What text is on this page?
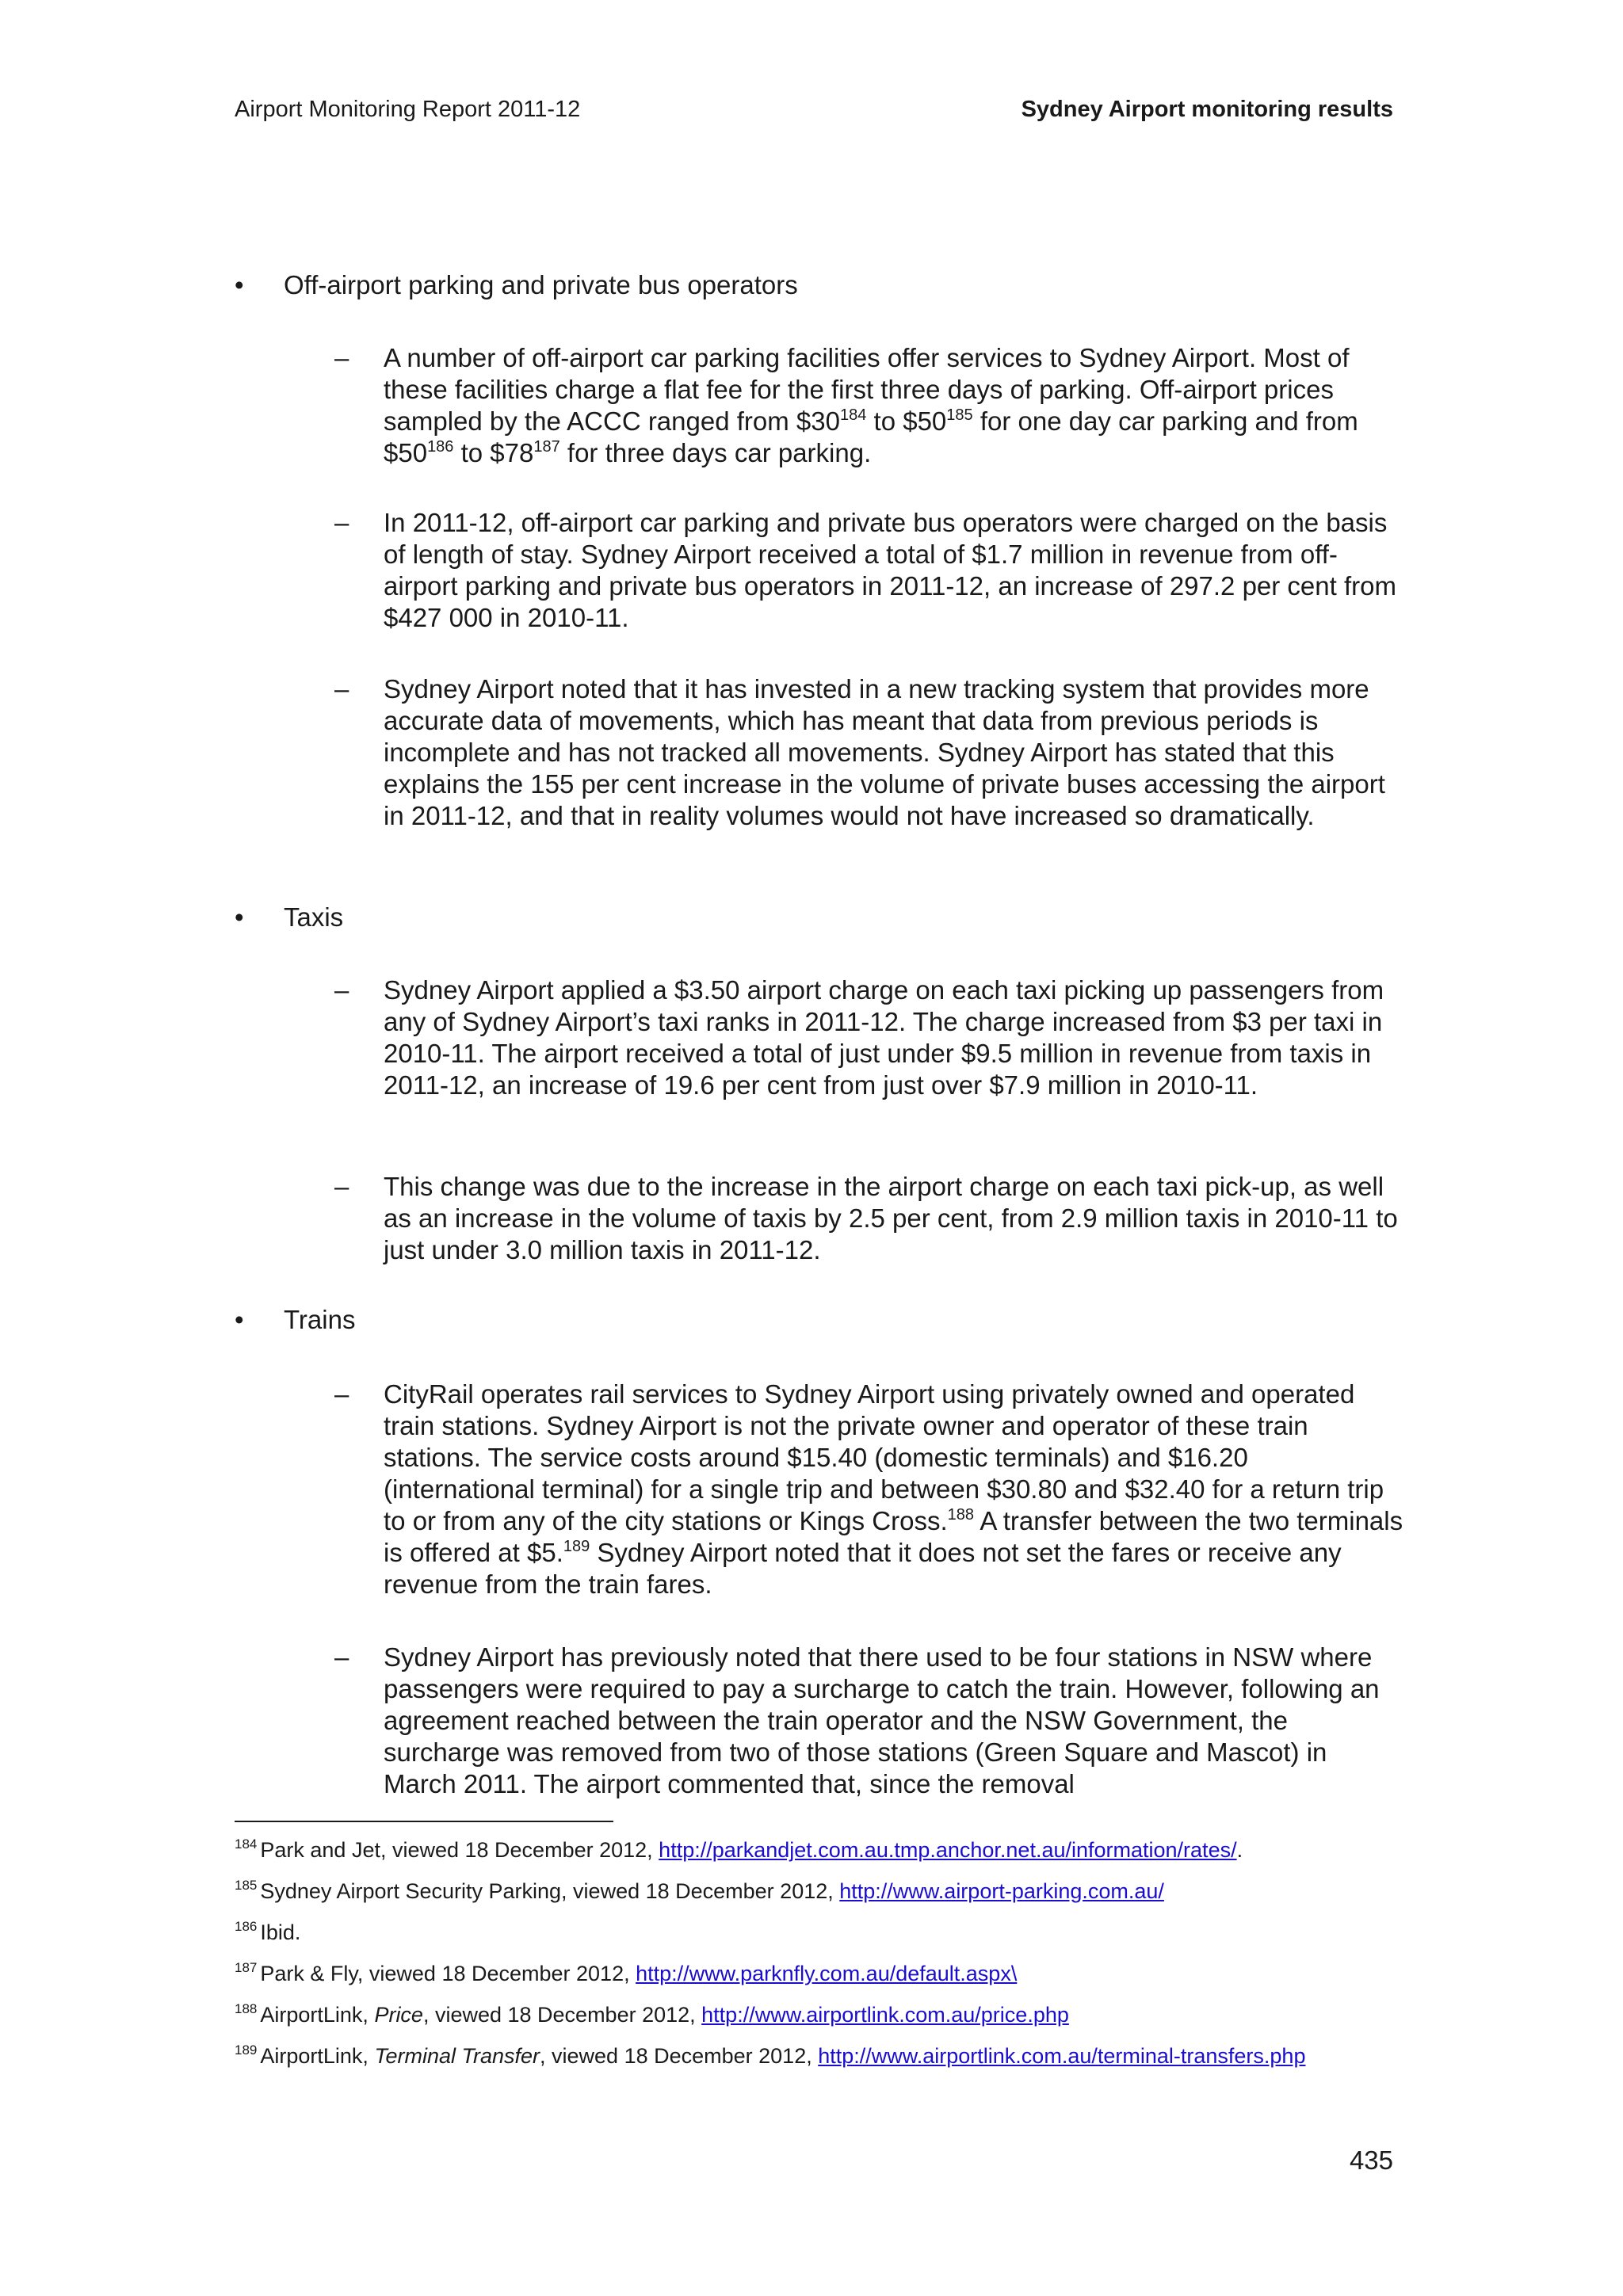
Airport Monitoring Report 2011-12	Sydney Airport monitoring results
•	Off-airport parking and private bus operators
– A number of off-airport car parking facilities offer services to Sydney Airport. Most of these facilities charge a flat fee for the first three days of parking. Off-airport prices sampled by the ACCC ranged from $\$30^{184}$ to $\$50^{185}$ for one day car parking and from $\$50^{186}$ to $\$78^{187}$ for three days car parking.

– In 2011-12, off-airport car parking and private bus operators were charged on the basis of length of stay. Sydney Airport received a total of $1.7 million in revenue from off-airport parking and private bus operators in 2011-12, an increase of 297.2 per cent from $427 000 in 2010-11.

– Sydney Airport noted that it has invested in a new tracking system that provides more accurate data of movements, which has meant that data from previous periods is incomplete and has not tracked all movements. Sydney Airport has stated that this explains the 155 per cent increase in the volume of private buses accessing the airport in 2011-12, and that in reality volumes would not have increased so dramatically.

•	Taxis
– Sydney Airport applied a $3.50 airport charge on each taxi picking up passengers from any of Sydney Airport’s taxi ranks in 2011-12. The charge increased from $3 per taxi in 2010-11. The airport received a total of just under $9.5 million in revenue from taxis in 2011-12, an increase of 19.6 per cent from just over $7.9 million in 2010-11.

– This change was due to the increase in the airport charge on each taxi pick-up, as well as an increase in the volume of taxis by 2.5 per cent, from 2.9 million taxis in 2010-11 to just under 3.0 million taxis in 2011-12.

•	Trains
– CityRail operates rail services to Sydney Airport using privately owned and operated train stations. Sydney Airport is not the private owner and operator of these train stations. The service costs around $15.40 (domestic terminals) and $16.20 (international terminal) for a single trip and between $30.80 and $32.40 for a return trip to or from any of the city stations or Kings Cross.$^{188}$ A transfer between the two terminals is offered at $5.$^{189}$ Sydney Airport noted that it does not set the fares or receive any revenue from the train fares.

– Sydney Airport has previously noted that there used to be four stations in NSW where passengers were required to pay a surcharge to catch the train. However, following an agreement reached between the train operator and the NSW Government, the surcharge was removed from two of those stations (Green Square and Mascot) in March 2011. The airport commented that, since the removal

$^{184}$ Park and Jet, viewed 18 December 2012, http://parkandjet.com.au.tmp.anchor.net.au/information/rates/.
$^{185}$ Sydney Airport Security Parking, viewed 18 December 2012, http://www.airport-parking.com.au/
$^{186}$ Ibid.
$^{187}$ Park & Fly, viewed 18 December 2012, http://www.parknfly.com.au/default.aspx\
$^{188}$ AirportLink, Price, viewed 18 December 2012, http://www.airportlink.com.au/price.php
$^{189}$ AirportLink, Terminal Transfer, viewed 18 December 2012, http://www.airportlink.com.au/terminal-transfers.php
435
